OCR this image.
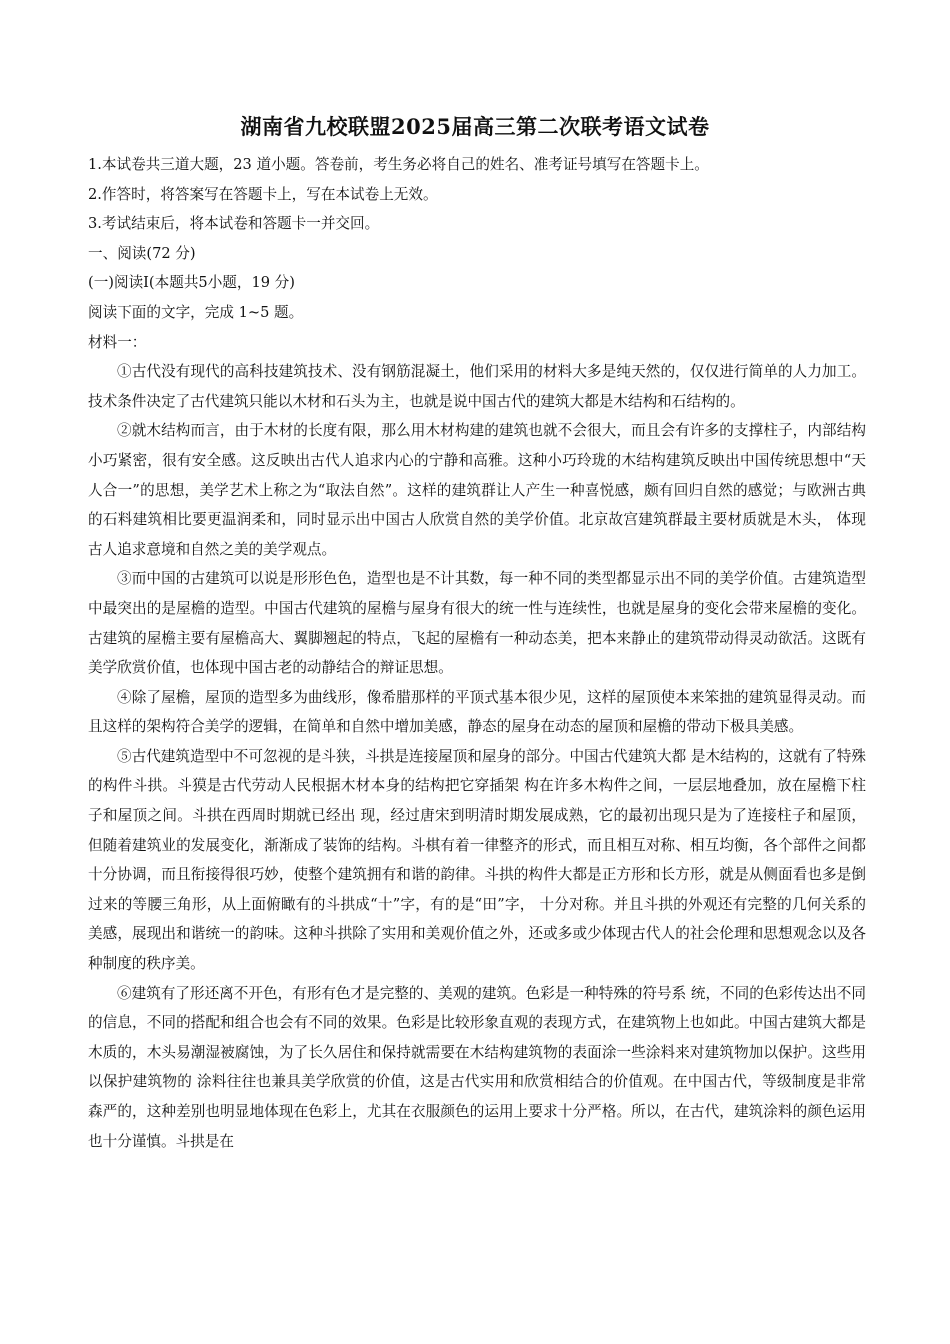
湖南省九校联盟2025届高三第二次联考语文试卷

1.本试卷共三道大题，23 道小题。答卷前，考生务必将自己的姓名、准考证号填写在答题卡上。

2.作答时，将答案写在答题卡上，写在本试卷上无效。

3.考试结束后，将本试卷和答题卡一并交回。

一、阅读(72 分)

(一)阅读Ⅰ(本题共5小题，19 分)

阅读下面的文字，完成 1~5 题。

材料一：

①古代没有现代的高科技建筑技术、没有钢筋混凝土，他们采用的材料大多是纯天然的，仅仅进行简单的人力加工。技术条件决定了古代建筑只能以木材和石头为主，也就是说中国古代的建筑大都是木结构和石结构的。

②就木结构而言，由于木材的长度有限，那么用木材构建的建筑也就不会很大，而且会有许多的支撑柱子，内部结构小巧紧密，很有安全感。这反映出古代人追求内心的宁静和高雅。这种小巧玲珑的木结构建筑反映出中国传统思想中“天人合一”的思想，美学艺术上称之为“取法自然”。这样的建筑群让人产生一种喜悦感，颇有回归自然的感觉；与欧洲古典的石料建筑相比要更温润柔和，同时显示出中国古人欣赏自然的美学价值。北京故宫建筑群最主要材质就是木头， 体现古人追求意境和自然之美的美学观点。

③而中国的古建筑可以说是形形色色，造型也是不计其数，每一种不同的类型都显示出不同的美学价值。古建筑造型中最突出的是屋檐的造型。中国古代建筑的屋檐与屋身有很大的统一性与连续性，也就是屋身的变化会带来屋檐的变化。古建筑的屋檐主要有屋檐高大、翼脚翘起的特点，飞起的屋檐有一种动态美，把本来静止的建筑带动得灵动欲活。这既有美学欣赏价值，也体现中国古老的动静结合的辩证思想。

④除了屋檐，屋顶的造型多为曲线形，像希腊那样的平顶式基本很少见，这样的屋顶使本来笨拙的建筑显得灵动。而且这样的架构符合美学的逻辑，在简单和自然中增加美感，静态的屋身在动态的屋顶和屋檐的带动下极具美感。

⑤古代建筑造型中不可忽视的是斗狭，斗拱是连接屋顶和屋身的部分。中国古代建筑大都 是木结构的，这就有了特殊的构件斗拱。斗獏是古代劳动人民根据木材本身的结构把它穿插架 构在许多木构件之间，一层层地叠加，放在屋檐下柱子和屋顶之间。斗拱在西周时期就已经出 现，经过唐宋到明清时期发展成熟，它的最初出现只是为了连接柱子和屋顶，但随着建筑业的发展变化，渐渐成了装饰的结构。斗棋有着一律整齐的形式，而且相互对称、相互均衡，各个部件之间都十分协调，而且衔接得很巧妙，使整个建筑拥有和谐的韵律。斗拱的构件大都是正方形和长方形，就是从侧面看也多是倒过来的等腰三角形，从上面俯瞰有的斗拱成“十”字，有的是“田”字， 十分对称。并且斗拱的外观还有完整的几何关系的美感，展现出和谐统一的韵味。这种斗拱除了实用和美观价值之外，还或多或少体现古代人的社会伦理和思想观念以及各种制度的秩序美。

⑥建筑有了形还离不开色，有形有色才是完整的、美观的建筑。色彩是一种特殊的符号系 统，不同的色彩传达出不同的信息，不同的搭配和组合也会有不同的效果。色彩是比较形象直观的表现方式，在建筑物上也如此。中国古建筑大都是木质的，木头易潮湿被腐蚀，为了长久居住和保持就需要在木结构建筑物的表面涂一些涂料来对建筑物加以保护。这些用以保护建筑物的 涂料往往也兼具美学欣赏的价值，这是古代实用和欣赏相结合的价值观。在中国古代，等级制度是非常森严的，这种差别也明显地体现在色彩上，尤其在衣服颜色的运用上要求十分严格。所以，在古代，建筑涂料的颜色运用也十分谨慎。斗拱是在
